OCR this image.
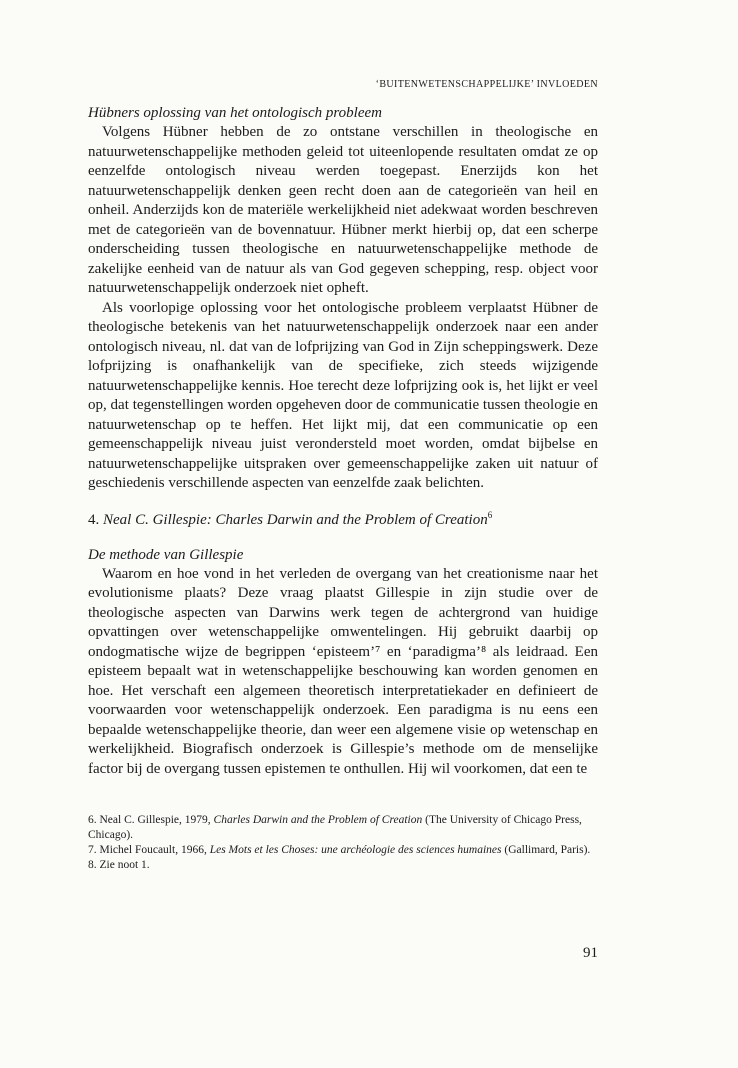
‘BUITENWETENSCHAPPELIJKE’ INVLOEDEN
Hübners oplossing van het ontologisch probleem

Volgens Hübner hebben de zo ontstane verschillen in theologische en natuurwetenschappelijke methoden geleid tot uiteenlopende resultaten omdat ze op eenzelfde ontologisch niveau werden toegepast. Enerzijds kon het natuurwetenschappelijk denken geen recht doen aan de categorieën van heil en onheil. Anderzijds kon de materiële werkelijkheid niet adekwaat worden beschreven met de categorieën van de bovennatuur. Hübner merkt hierbij op, dat een scherpe onderscheiding tussen theologische en natuurwetenschappelijke methode de zakelijke eenheid van de natuur als van God gegeven schepping, resp. object voor natuurwetenschappelijk onderzoek niet opheft.

Als voorlopige oplossing voor het ontologische probleem verplaatst Hübner de theologische betekenis van het natuurwetenschappelijk onderzoek naar een ander ontologisch niveau, nl. dat van de lofprijzing van God in Zijn scheppingswerk. Deze lofprijzing is onafhankelijk van de specifieke, zich steeds wijzigende natuurwetenschappelijke kennis. Hoe terecht deze lofprijzing ook is, het lijkt er veel op, dat tegenstellingen worden opgeheven door de communicatie tussen theologie en natuurwetenschap op te heffen. Het lijkt mij, dat een communicatie op een gemeenschappelijk niveau juist verondersteld moet worden, omdat bijbelse en natuurwetenschappelijke uitspraken over gemeenschappelijke zaken uit natuur of geschiedenis verschillende aspecten van eenzelfde zaak belichten.

4. Neal C. Gillespie: Charles Darwin and the Problem of Creation$^6$
De methode van Gillespie

Waarom en hoe vond in het verleden de overgang van het creationisme naar het evolutionisme plaats? Deze vraag plaatst Gillespie in zijn studie over de theologische aspecten van Darwins werk tegen de achtergrond van huidige opvattingen over wetenschappelijke omwentelingen. Hij gebruikt daarbij op ondogmatische wijze de begrippen ‘episteem’⁷ en ‘paradigma’⁸ als leidraad. Een episteem bepaalt wat in wetenschappelijke beschouwing kan worden genomen en hoe. Het verschaft een algemeen theoretisch interpretatiekader en definieert de voorwaarden voor wetenschappelijk onderzoek. Een paradigma is nu eens een bepaalde wetenschappelijke theorie, dan weer een algemene visie op wetenschap en werkelijkheid. Biografisch onderzoek is Gillespie’s methode om de menselijke factor bij de overgang tussen epistemen te onthullen. Hij wil voorkomen, dat een te

6. Neal C. Gillespie, 1979, Charles Darwin and the Problem of Creation (The University of Chicago Press, Chicago).

7. Michel Foucault, 1966, Les Mots et les Choses: une archéologie des sciences humaines (Gallimard, Paris).

8. Zie noot 1.

91
